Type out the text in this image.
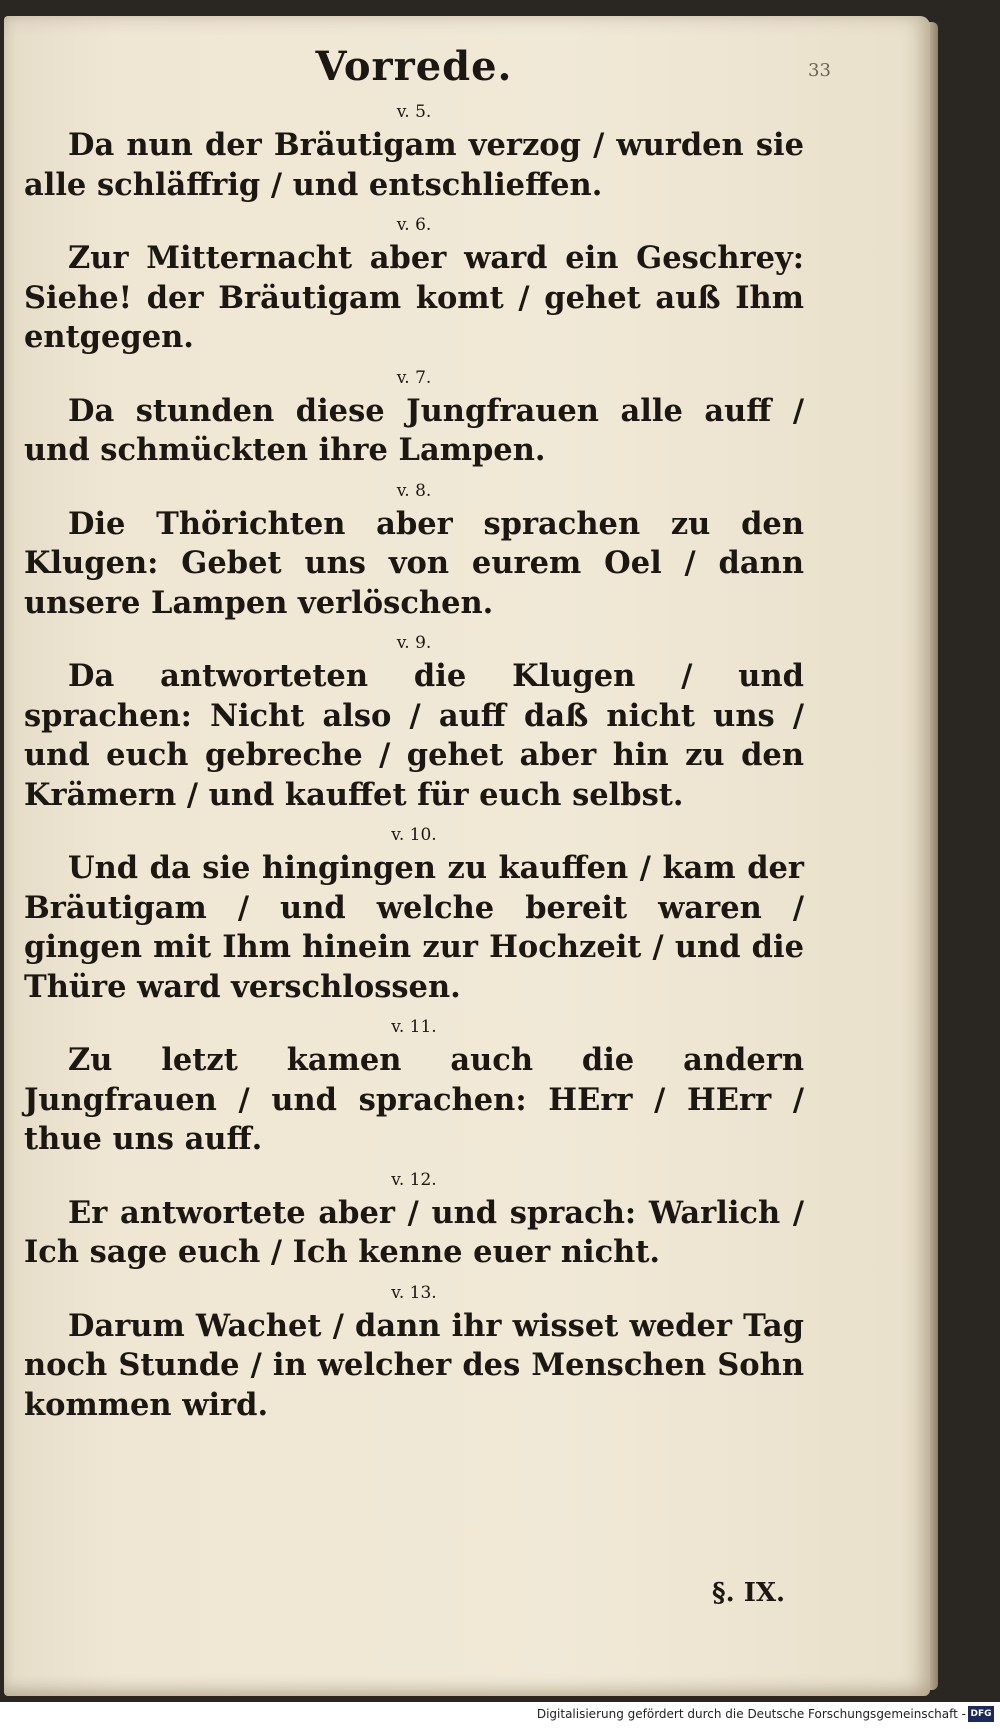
33
Vorrede.
v. 5.
Da nun der Bräutigam verzog / wurden sie alle schläffrig / und entschlieffen.
v. 6.
Zur Mitternacht aber ward ein Geschrey: Siehe! der Bräutigam komt / gehet auß Ihm entgegen.
v. 7.
Da stunden diese Jungfrauen alle auff / und schmückten ihre Lampen.
v. 8.
Die Thörichten aber sprachen zu den Klugen: Gebet uns von eurem Oel / dann unsere Lampen verlöschen.
v. 9.
Da antworteten die Klugen / und sprachen: Nicht also / auff daß nicht uns / und euch gebreche / gehet aber hin zu den Krämern / und kauffet für euch selbst.
v. 10.
Und da sie hingingen zu kauffen / kam der Bräutigam / und welche bereit waren / gingen mit Ihm hinein zur Hochzeit / und die Thüre ward verschlossen.
v. 11.
Zu letzt kamen auch die andern Jungfrauen / und sprachen: HErr / HErr / thue uns auff.
v. 12.
Er antwortete aber / und sprach: Warlich / Ich sage euch / Ich kenne euer nicht.
v. 13.
Darum Wachet / dann ihr wisset weder Tag noch Stunde / in welcher des Menschen Sohn kommen wird.
§. IX.
Digitalisierung gefördert durch die Deutsche Forschungsgemeinschaft - DFG
